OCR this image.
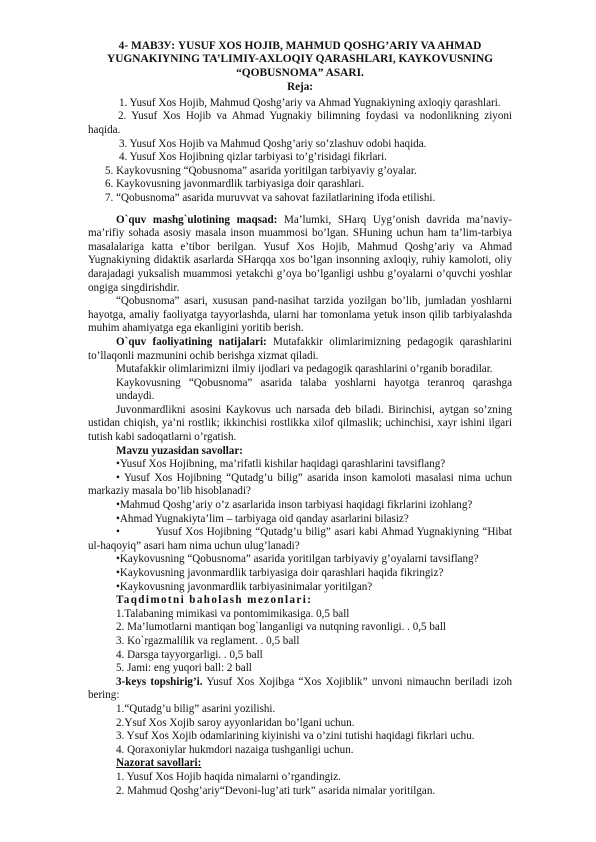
4- МАВЗУ: YUSUF XOS HOJIB, MAHMUD QOSHG’ARIY VA AHMAD
YUGNAKIYNING TA’LIMIY-AXLOQIY QARASHLARI, KAYKOVUSNING
“QOBUSNOMA” ASARI.
Reja:

1. Yusuf Xos Hojib, Mahmud Qoshg’ariy va Ahmad Yugnakiyning axloqiy qarashlari.

2. Yusuf Xos Hojib va Ahmad Yugnakiy bilimning foydasi va nodonlikning ziyoni haqida.

3. Yusuf Xos Hojib va Mahmud Qoshg’ariy so’zlashuv odobi haqida.

4. Yusuf Xos Hojibning qizlar tarbiyasi to’g’risidagi fikrlari.

5. Kaykovusning “Qobusnoma” asarida yoritilgan tarbiyaviy g’oyalar.

6. Kaykovusning javonmardlik tarbiyasiga doir qarashlari.

7. “Qobusnoma” asarida muruvvat va sahovat fazilatlarining ifoda etilishi.

O`quv mashg`ulotining maqsad: Ma’lumki, SHarq Uyg’onish davrida ma’naviy-ma’rifiy sohada asosiy masala inson muammosi bo’lgan. SHuning uchun ham ta’lim-tarbiya masalalariga katta e’tibor berilgan. Yusuf Xos Hojib, Mahmud Qoshg’ariy va Ahmad Yugnakiyning didaktik asarlarda SHarqqa xos bo’lgan insonning axloqiy, ruhiy kamoloti, oliy darajadagi yuksalish muammosi yetakchi g’oya bo’lganligi ushbu g’oyalarni o’quvchi yoshlar ongiga singdirishdir.

“Qobusnoma” asari, xususan pand-nasihat tarzida yozilgan bo’lib, jumladan yoshlarni hayotga, amaliy faoliyatga tayyorlashda, ularni har tomonlama yetuk inson qilib tarbiyalashda muhim ahamiyatga ega ekanligini yoritib berish.

O`quv faoliyatining natijalari: Mutafakkir olimlarimizning pedagogik qarashlarini to’llaqonli mazmunini ochib berishga xizmat qiladi.

Mutafakkir olimlarimizni ilmiy ijodlari va pedagogik qarashlarini o’rganib boradilar.

Kaykovusning “Qobusnoma” asarida talaba yoshlarni hayotga teranroq qarashga undaydi.

Juvonmardlikni asosini Kaykovus uch narsada deb biladi. Birinchisi, aytgan so’zning ustidan chiqish, ya’ni rostlik; ikkinchisi rostlikka xilof qilmaslik; uchinchisi, xayr ishini ilgari tutish kabi sadoqatlarni o’rgatish.

Mavzu yuzasidan savollar:

• Yusuf Xos Hojibning, ma’rifatli kishilar haqidagi qarashlarini tavsiflang?

• Yusuf Xos Hojibning “Qutadg’u bilig” asarida inson kamoloti masalasi nima uchun markaziy masala bo’lib hisoblanadi?

• Mahmud Qoshg’ariy o’z asarlarida inson tarbiyasi haqidagi fikrlarini izohlang?

• Ahmad Yugnakiyta’lim – tarbiyaga oid qanday asarlarini bilasiz?

•	Yusuf Xos Hojibning “Qutadg’u bilig” asari kabi Ahmad Yugnakiyning “Hibat ul-haqoyiq” asari ham nima uchun ulug’lanadi?

• Kaykovusning “Qobusnoma” asarida yoritilgan tarbiyaviy g’oyalarni tavsiflang?

• Kaykovusning javonmardlik tarbiyasiga doir qarashlari haqida fikringiz?

• Kaykovusning javonmardlik tarbiyasinimalar yoritilgan?

Taqdimotni baholash mezonlari:

1.Talabaning mimikasi va pontomimikasiga. 0,5 ball

2. Ma’lumotlarni mantiqan bog`langanligi va nutqning ravonligi. . 0,5 ball

3. Ko`rgazmalilik va reglament. . 0,5 ball

4. Darsga tayyorgarligi. . 0,5 ball

5. Jami: eng yuqori ball: 2 ball

3-keys topshirig’i. Yusuf Xos Xojibga “Xos Xojiblik” unvoni nimauchn beriladi izoh bering:

1.“Qutadg’u bilig” asarini yozilishi.

2.Ysuf Xos Xojib saroy ayyonlaridan bo’lgani uchun.

3. Ysuf Xos Xojib odamlarining kiyinishi va o’zini tutishi haqidagi fikrlari uchu.

4. Qoraxoniylar hukmdori nazaiga tushganligi uchun.

Nazorat savollari:

1. Yusuf Xos Hojib haqida nimalarni o’rgandingiz.

2. Mahmud Qoshg’ariy“Devoni-lug’ati turk” asarida nimalar yoritilgan.
